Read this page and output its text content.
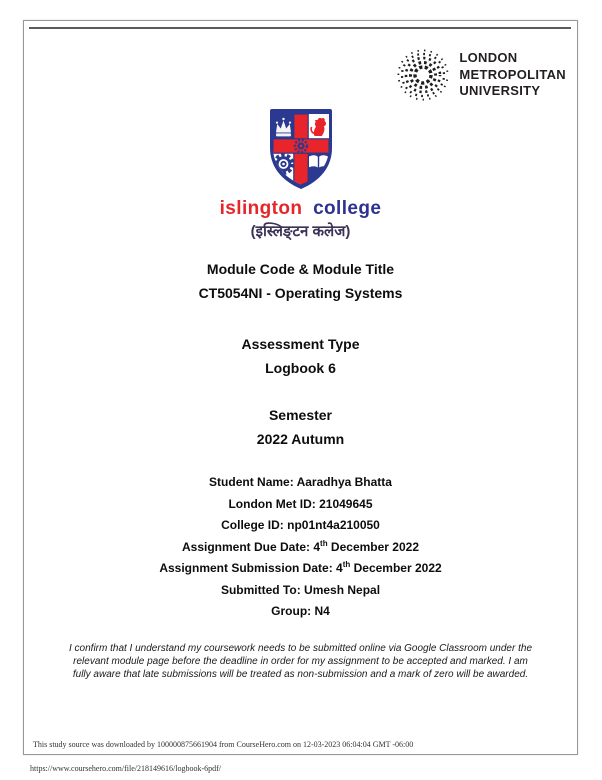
LONDON
METROPOLITAN
UNIVERSITY
islington college
(इस्लिङ्टन कलेज)
Module Code & Module Title
CT5054NI - Operating Systems
Assessment Type
Logbook 6
Semester
2022 Autumn
Student Name: Aaradhya Bhatta
London Met ID: 21049645
College ID: np01nt4a210050
Assignment Due Date: 4th December 2022
Assignment Submission Date: 4th December 2022
Submitted To: Umesh Nepal
Group: N4
I confirm that I understand my coursework needs to be submitted online via Google Classroom under the
relevant module page before the deadline in order for my assignment to be accepted and marked. I am
fully aware that late submissions will be treated as non-submission and a mark of zero will be awarded.
This study source was downloaded by 100000875661904 from CourseHero.com on 12-03-2023 06:04:04 GMT -06:00
https://www.coursehero.com/file/218149616/logbook-6pdf/
